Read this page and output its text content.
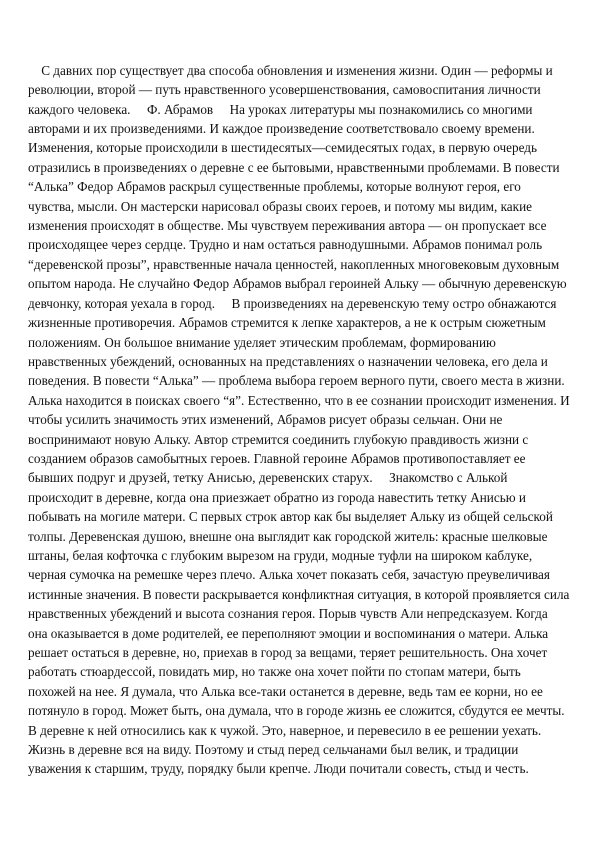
С давних пор существует два способа обновления и изменения жизни. Один — реформы и революции, второй — путь нравственного усовершенствования, самовоспитания личности каждого человека.     Ф. Абрамов     На уроках литературы мы познакомились со многими авторами и их произведениями. И каждое произведение соответствовало своему времени. Изменения, которые происходили в шестидесятых—семидесятых годах, в первую очередь отразились в произведениях о деревне с ее бытовыми, нравственными проблемами. В повести “Алька” Федор Абрамов раскрыл существенные проблемы, которые волнуют героя, его чувства, мысли. Он мастерски нарисовал образы своих героев, и потому мы видим, какие изменения происходят в обществе. Мы чувствуем переживания автора — он пропускает все происходящее через сердце. Трудно и нам остаться равнодушными. Абрамов понимал роль “деревенской прозы”, нравственные начала ценностей, накопленных многовековым духовным опытом народа. Не случайно Федор Абрамов выбрал героиней Альку — обычную деревенскую девчонку, которая уехала в город.     В произведениях на деревенскую тему остро обнажаются жизненные противоречия. Абрамов стремится к лепке характеров, а не к острым сюжетным положениям. Он большое внимание уделяет этическим проблемам, формированию нравственных убеждений, основанных на представлениях о назначении человека, его дела и поведения. В повести “Алька” — проблема выбора героем верного пути, своего места в жизни. Алька находится в поисках своего “я”. Естественно, что в ее сознании происходит изменения. И чтобы усилить значимость этих изменений, Абрамов рисует образы сельчан. Они не воспринимают новую Альку. Автор стремится соединить глубокую правдивость жизни с созданием образов самобытных героев. Главной героине Абрамов противопоставляет ее бывших подруг и друзей, тетку Анисью, деревенских старух.     Знакомство с Алькой происходит в деревне, когда она приезжает обратно из города навестить тетку Анисью и побывать на могиле матери. С первых строк автор как бы выделяет Альку из общей сельской толпы. Деревенская душою, внешне она выглядит как городской житель: красные шелковые штаны, белая кофточка с глубоким вырезом на груди, модные туфли на широком каблуке, черная сумочка на ремешке через плечо. Алька хочет показать себя, зачастую преувеличивая истинные значения. В повести раскрывается конфликтная ситуация, в которой проявляется сила нравственных убеждений и высота сознания героя. Порыв чувств Али непредсказуем. Когда она оказывается в доме родителей, ее переполняют эмоции и воспоминания о матери. Алька решает остаться в деревне, но, приехав в город за вещами, теряет решительность. Она хочет работать стюардессой, повидать мир, но также она хочет пойти по стопам матери, быть похожей на нее. Я думала, что Алька все-таки останется в деревне, ведь там ее корни, но ее потянуло в город. Может быть, она думала, что в городе жизнь ее сложится, сбудутся ее мечты. В деревне к ней относились как к чужой. Это, наверное, и перевесило в ее решении уехать.     Жизнь в деревне вся на виду. Поэтому и стыд перед сельчанами был велик, и традиции уважения к старшим, труду, порядку были крепче. Люди почитали совесть, стыд и честь.
